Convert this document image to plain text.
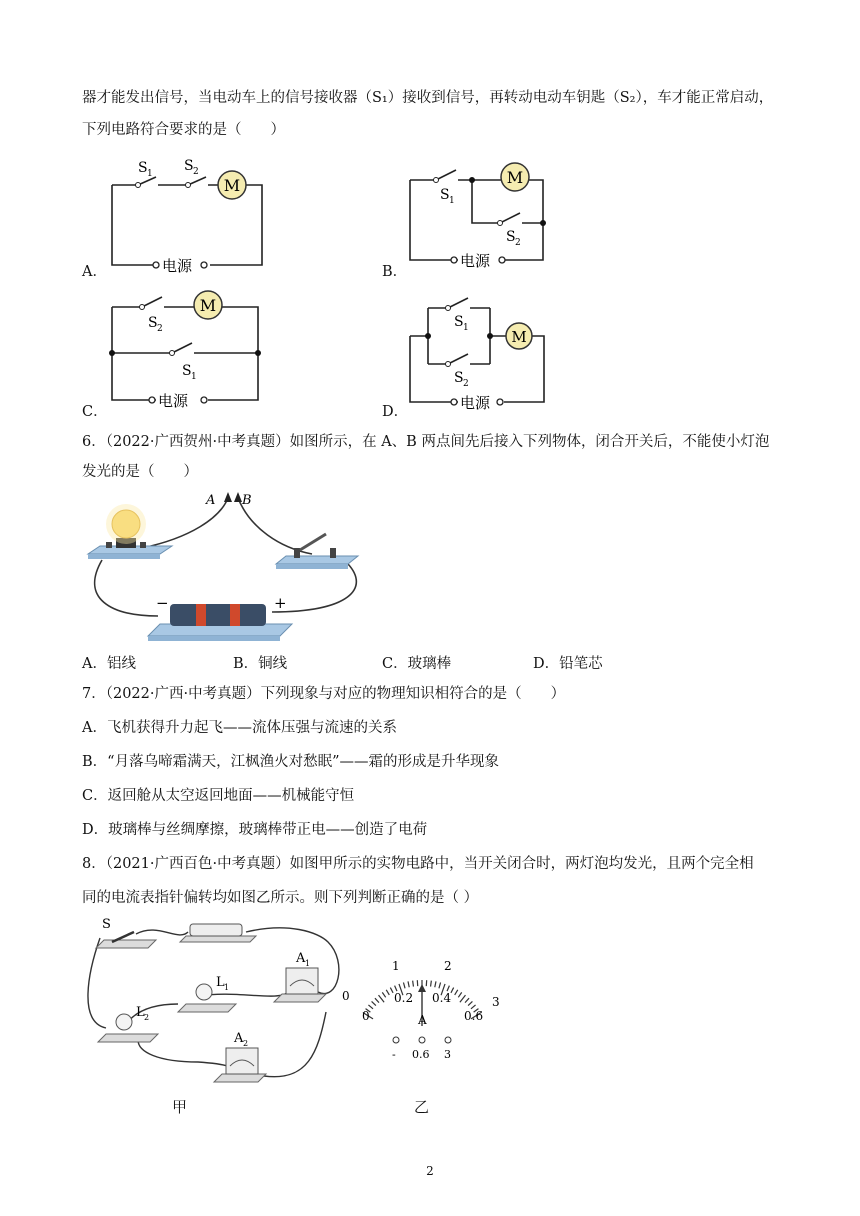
器才能发出信号，当电动车上的信号接收器（S₁）接收到信号，再转动电动车钥匙（S₂），车才能正常启动，
下列电路符合要求的是（　　）
A．
M
S 1 S 2
电源	B．
M
S 1
S 2
电源
C．
M
S 2
S 1
电源
D．
M
S 1
S 2
电源
6．（2022·广西贺州·中考真题）如图所示，在 A、B 两点间先后接入下列物体，闭合开关后，不能使小灯泡
发光的是（　　）
A B
−	+
A．铝线	B．铜线	C．玻璃棒	D．铅笔芯
7．（2022·广西·中考真题）下列现象与对应的物理知识相符合的是（　　）
A．飞机获得升力起飞——流体压强与流速的关系
B．“月落乌啼霜满天，江枫渔火对愁眠”——霜的形成是升华现象
C．返回舱从太空返回地面——机械能守恒
D．玻璃棒与丝绸摩擦，玻璃棒带正电——创造了电荷
8．（2021·广西百色·中考真题）如图甲所示的实物电路中，当开关闭合时，两灯泡均发光，且两个完全相
同的电流表指针偏转均如图乙所示。则下列判断正确的是（ ）
S
L 1
L 2
A 1
A 2
甲
0
1	2
3
0
0.2 0.4
0.6
A
- 0.6 3
乙
2
